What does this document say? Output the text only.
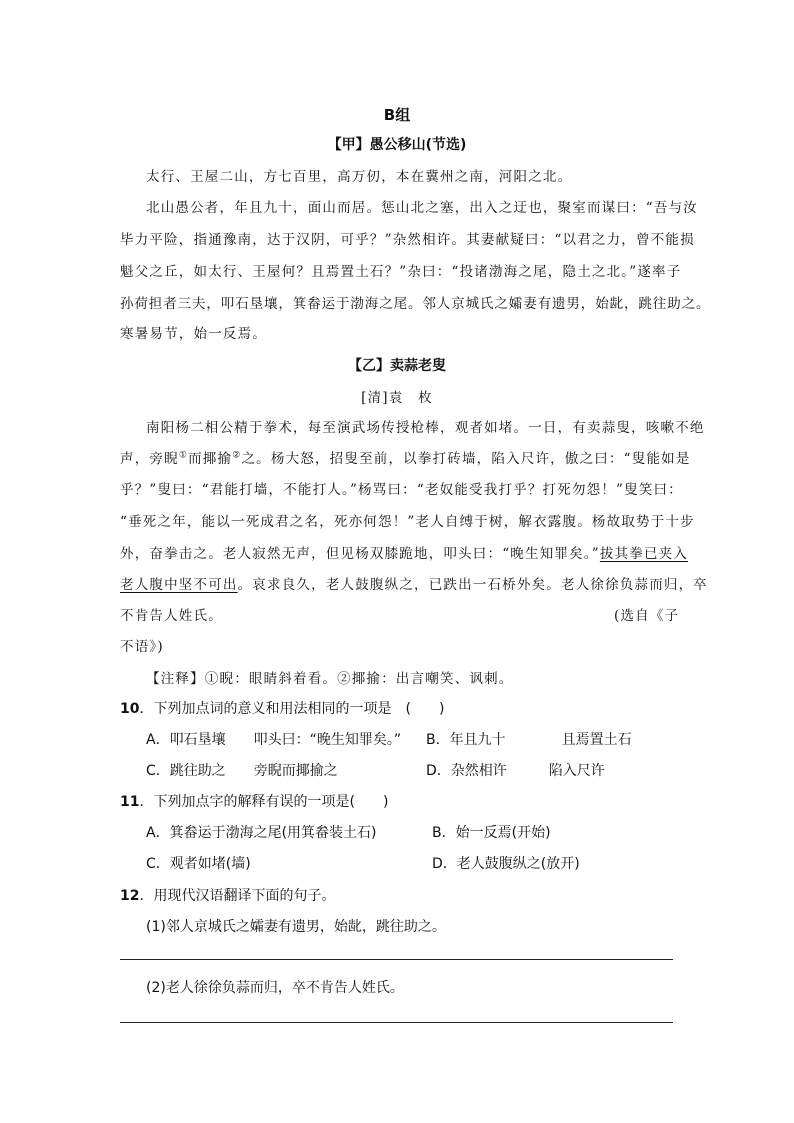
B组
【甲】愚公移山(节选)
太行、王屋二山，方七百里，高万仞，本在冀州之南，河阳之北。
北山愚公者，年且九十，面山而居。惩山北之塞，出入之迂也，聚室而谋曰：“吾与汝
毕力平险，指通豫南，达于汉阴，可乎？”杂然相许。其妻献疑曰：“以君之力，曾不能损
魁父之丘，如太行、王屋何？且焉置土石？”杂曰：“投诸渤海之尾，隐土之北。”遂率子
孙荷担者三夫，叩石垦壤，箕畚运于渤海之尾。邻人京城氏之孀妻有遗男，始龀，跳往助之。
寒暑易节，始一反焉。
【乙】卖蒜老叟
[清]袁　枚
南阳杨二相公精于拳术，每至演武场传授枪棒，观者如堵。一日，有卖蒜叟，咳嗽不绝
声，旁睨①而揶揄②之。杨大怒，招叟至前，以拳打砖墙，陷入尺许，傲之曰：“叟能如是
乎？”叟曰：“君能打墙，不能打人。”杨骂曰：“老奴能受我打乎？打死勿怨！”叟笑曰：
“垂死之年，能以一死成君之名，死亦何怨！”老人自缚于树，解衣露腹。杨故取势于十步
外，奋拳击之。老人寂然无声，但见杨双膝跪地，叩头曰：“晚生知罪矣。”拔其拳已夹入
老人腹中坚不可出。哀求良久，老人鼓腹纵之，已跌出一石桥外矣。老人徐徐负蒜而归，卒
不肯告人姓氏。	(选自《子
不语》)
【注释】①睨：眼睛斜着看。②揶揄：出言嘲笑、讽刺。
10．下列加点词的意义和用法相同的一项是　(　　)
A．叩石垦壤　　叩头曰：“晚生知罪矣。” B．年且九十　　　　且焉置土石
C．跳往助之　　旁睨而揶揄之	D．杂然相许　　　陷入尺许
11．下列加点字的解释有误的一项是(　　)
A．箕畚运于渤海之尾(用箕畚装土石)	B．始一反焉(开始)
C．观者如堵(墙)	D．老人鼓腹纵之(放开)
12．用现代汉语翻译下面的句子。
(1)邻人京城氏之孀妻有遗男，始龀，跳往助之。
(2)老人徐徐负蒜而归，卒不肯告人姓氏。
